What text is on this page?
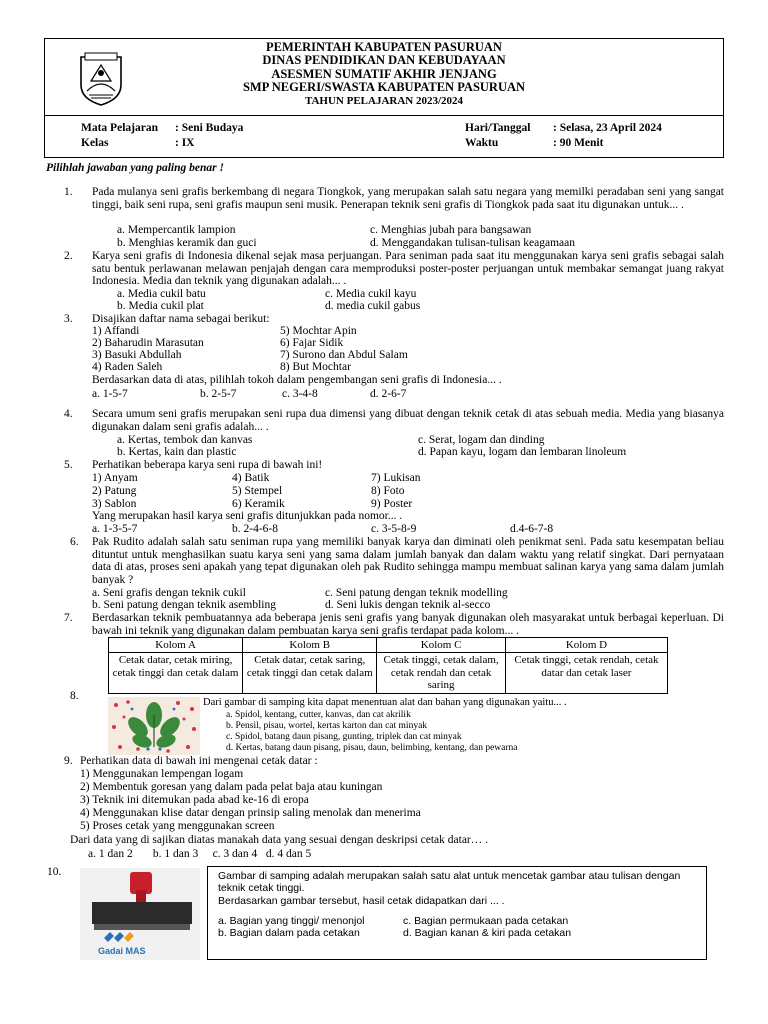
PEMERINTAH KABUPATEN PASURUAN
DINAS PENDIDIKAN DAN KEBUDAYAAN
ASESMEN SUMATIF AKHIR JENJANG
SMP NEGERI/SWASTA KABUPATEN PASURUAN
TAHUN PELAJARAN 2023/2024
Mata Pelajaran : Seni Budaya
Kelas	: IX
Hari/Tanggal : Selasa, 23 April 2024
Waktu	: 90 Menit
Pilihlah jawaban yang paling benar !
1. Pada mulanya seni grafis berkembang di negara Tiongkok, yang merupakan salah satu negara yang memilki peradaban seni yang sangat tinggi, baik seni rupa, seni grafis maupun seni musik. Penerapan teknik seni grafis di Tiongkok pada saat itu digunakan untuk... .
a. Mempercantik lampion
b. Menghias keramik dan guci
c. Menghias jubah para bangsawan
d. Menggandakan tulisan-tulisan keagamaan
2. Karya seni grafis di Indonesia dikenal sejak masa perjuangan. Para seniman pada saat itu menggunakan karya seni grafis sebagai salah satu bentuk perlawanan melawan penjajah dengan cara memproduksi poster-poster perjuangan untuk membakar semangat juang rakyat Indonesia. Media dan teknik yang digunakan adalah... .
a. Media cukil batu
b. Media cukil plat
c. Media cukil kayu
d. media cukil gabus
3. Disajikan daftar nama sebagai berikut:
1) Affandi
2) Baharudin Marasutan
3) Basuki Abdullah
4) Raden Saleh
5) Mochtar Apin
6) Fajar Sidik
7) Surono dan Abdul Salam
8) But Mochtar
Berdasarkan data di atas, pilihlah tokoh dalam pengembangan seni grafis di Indonesia... .
a. 1-5-7	b. 2-5-7	c. 3-4-8	d. 2-6-7
4. Secara umum seni grafis merupakan seni rupa dua dimensi yang dibuat dengan teknik cetak di atas sebuah media. Media yang biasanya digunakan dalam seni grafis adalah... .
a. Kertas, tembok dan kanvas
b. Kertas, kain dan plastic
c. Serat, logam dan dinding
d. Papan kayu, logam dan lembaran linoleum
5. Perhatikan beberapa karya seni rupa di bawah ini!
1) Anyam
2) Patung
3) Sablon
4) Batik
5) Stempel
6) Keramik
7) Lukisan
8) Foto
9) Poster
Yang merupakan hasil karya seni grafis ditunjukkan pada nomor... .
a. 1-3-5-7	b. 2-4-6-8	c. 3-5-8-9	d.4-6-7-8
6. Pak Rudito adalah salah satu seniman rupa yang memiliki banyak karya dan diminati oleh penikmat seni. Pada satu kesempatan beliau dituntut untuk menghasilkan suatu karya seni yang sama dalam jumlah banyak dan dalam waktu yang relatif singkat. Dari pernyataan data di atas, proses seni apakah yang tepat digunakan oleh pak Rudito sehingga mampu membuat salinan karya yang sama dalam jumlah banyak ?
a. Seni grafis dengan teknik cukil
b. Seni patung dengan teknik asembling
c. Seni patung dengan teknik modelling
d. Seni lukis dengan teknik al-secco
7. Berdasarkan teknik pembuatannya ada beberapa jenis seni grafis yang banyak digunakan oleh masyarakat untuk berbagai keperluan. Di bawah ini teknik yang digunakan dalam pembuatan karya seni grafis terdapat pada kolom... .
Kolom A	Kolom B	Kolom C	Kolom D
Cetak datar, cetak miring, cetak tinggi dan cetak dalam	Cetak datar, cetak saring, cetak tinggi dan cetak dalam	Cetak tinggi, cetak dalam, cetak rendah dan cetak saring	Cetak tinggi, cetak rendah, cetak datar dan cetak laser
8.
Dari gambar di samping kita dapat menentuan alat dan bahan yang digunakan yaitu... .
a. Spidol, kentang, cutter, kanvas, dan cat akrilik
b. Pensil, pisau, wortel, kertas karton dan cat minyak
c. Spidol, batang daun pisang, gunting, triplek dan cat minyak
d. Kertas, batang daun pisang, pisau, daun, belimbing, kentang, dan pewarna
9. Perhatikan data di bawah ini mengenai cetak datar :
1) Menggunakan lempengan logam
2) Membentuk goresan yang dalam pada pelat baja atau kuningan
3) Teknik ini ditemukan pada abad ke-16 di eropa
4) Menggunakan klise datar dengan prinsip saling menolak dan menerima
5) Proses cetak yang menggunakan screen
Dari data yang di sajikan diatas manakah data yang sesuai dengan deskripsi cetak datar… .
a. 1 dan 2       b. 1 dan 3     c. 3 dan 4   d. 4 dan 5
10.
Gadai MAS
Gambar di samping adalah merupakan salah satu alat untuk mencetak gambar atau tulisan dengan teknik cetak tinggi.
Berdasarkan gambar tersebut, hasil cetak didapatkan dari ... .
a. Bagian yang tinggi/ menonjol
b. Bagian dalam pada cetakan
c. Bagian permukaan pada cetakan
d. Bagian kanan & kiri pada cetakan
